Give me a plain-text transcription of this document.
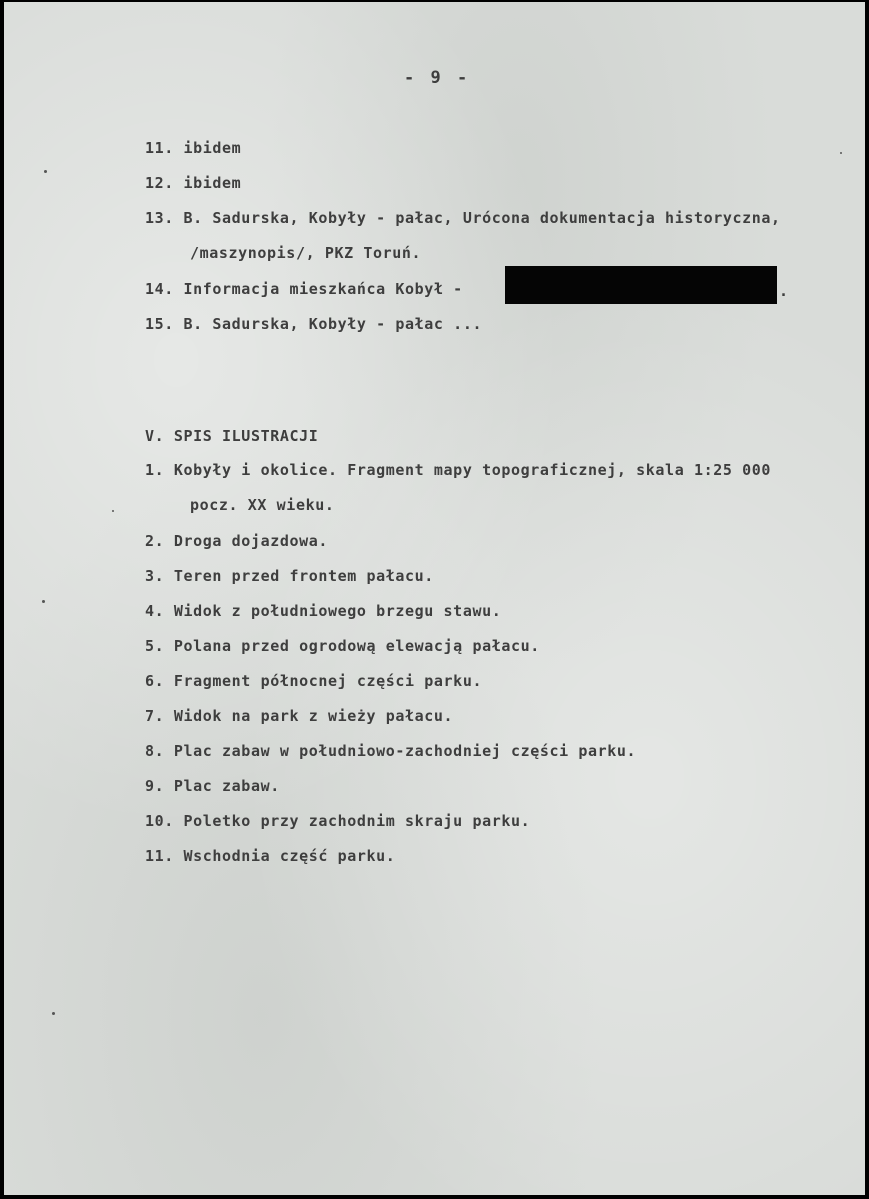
- 9 -
11. ibidem
12. ibidem
13. B. Sadurska, Kobyły - pałac, Urócona dokumentacja historyczna,
/maszynopis/, PKZ Toruń.
14. Informacja mieszkańca Kobył -	.
15. B. Sadurska, Kobyły - pałac ...
V. SPIS ILUSTRACJI
1. Kobyły i okolice. Fragment mapy topograficznej, skala 1:25 000
pocz. XX wieku.
2. Droga dojazdowa.
3. Teren przed frontem pałacu.
4. Widok z południowego brzegu stawu.
5. Polana przed ogrodową elewacją pałacu.
6. Fragment północnej części parku.
7. Widok na park z wieży pałacu.
8. Plac zabaw w południowo-zachodniej części parku.
9. Plac zabaw.
10. Poletko przy zachodnim skraju parku.
11. Wschodnia część parku.
